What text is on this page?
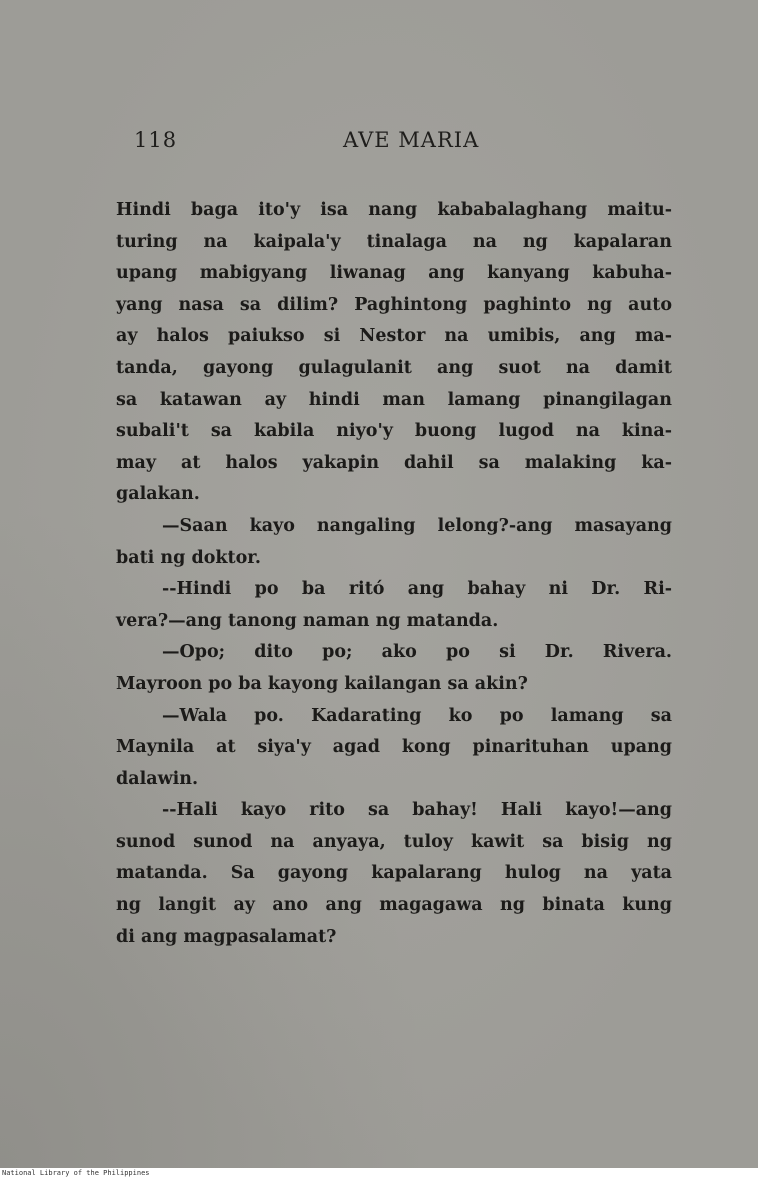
118	AVE MARIA
Hindi baga ito'y isa nang kababalaghang maitu-
turing na kaipala'y tinalaga na ng kapalaran
upang mabigyang liwanag ang kanyang kabuha-
yang nasa sa dilim? Paghintong paghinto ng auto
ay halos paiukso si Nestor na umibis, ang ma-
tanda, gayong gulagulanit ang suot na damit
sa katawan ay hindi man lamang pinangilagan
subali't sa kabila niyo'y buong lugod na kina-
may at halos yakapin dahil sa malaking ka-
galakan.
—Saan kayo nangaling lelong?-ang masayang
bati ng doktor.
--Hindi po ba ritó ang bahay ni Dr. Ri-
vera?—ang tanong naman ng matanda.
—Opo; dito po; ako po si Dr. Rivera.
Mayroon po ba kayong kailangan sa akin?
—Wala po. Kadarating ko po lamang sa
Maynila at siya'y agad kong pinarituhan upang
dalawin.
--Hali kayo rito sa bahay! Hali kayo!—ang
sunod sunod na anyaya, tuloy kawit sa bisig ng
matanda. Sa gayong kapalarang hulog na yata
ng langit ay ano ang magagawa ng binata kung
di ang magpasalamat?
National Library of the Philippines
